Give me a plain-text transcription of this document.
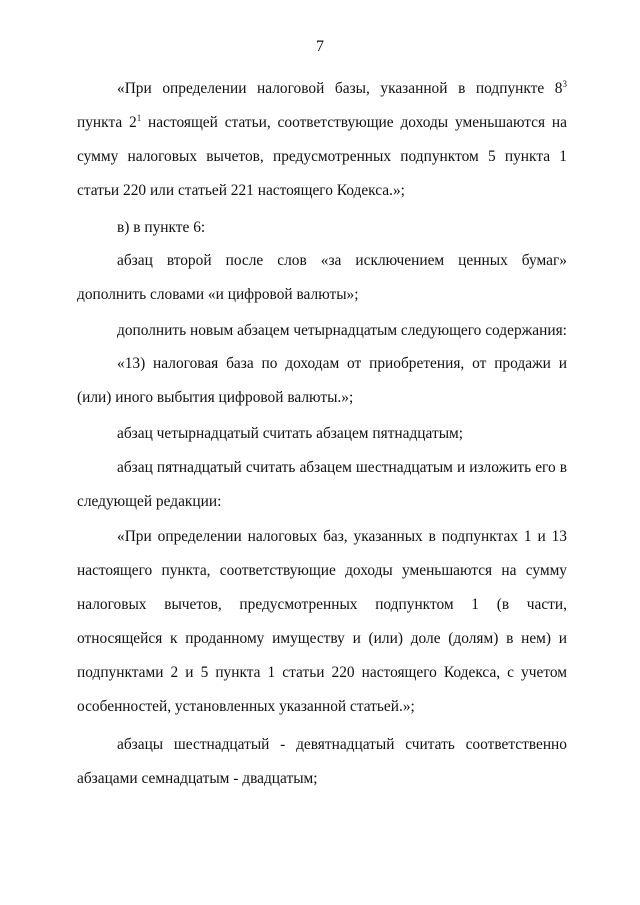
7

«При определении налоговой базы, указанной в подпункте $8^3$ пункта $2^1$ настоящей статьи, соответствующие доходы уменьшаются на сумму налоговых вычетов, предусмотренных подпунктом 5 пункта 1 статьи 220 или статьей 221 настоящего Кодекса.»;

в) в пункте 6:

абзац второй после слов «за исключением ценных бумаг» дополнить словами «и цифровой валюты»;

дополнить новым абзацем четырнадцатым следующего содержания:

«13) налоговая база по доходам от приобретения, от продажи и (или) иного выбытия цифровой валюты.»;

абзац четырнадцатый считать абзацем пятнадцатым;

абзац пятнадцатый считать абзацем шестнадцатым и изложить его в следующей редакции:

«При определении налоговых баз, указанных в подпунктах 1 и 13 настоящего пункта, соответствующие доходы уменьшаются на сумму налоговых вычетов, предусмотренных подпунктом 1 (в части, относящейся к проданному имуществу и (или) доле (долям) в нем) и подпунктами 2 и 5 пункта 1 статьи 220 настоящего Кодекса, с учетом особенностей, установленных указанной статьей.»;

абзацы шестнадцатый - девятнадцатый считать соответственно абзацами семнадцатым - двадцатым;
